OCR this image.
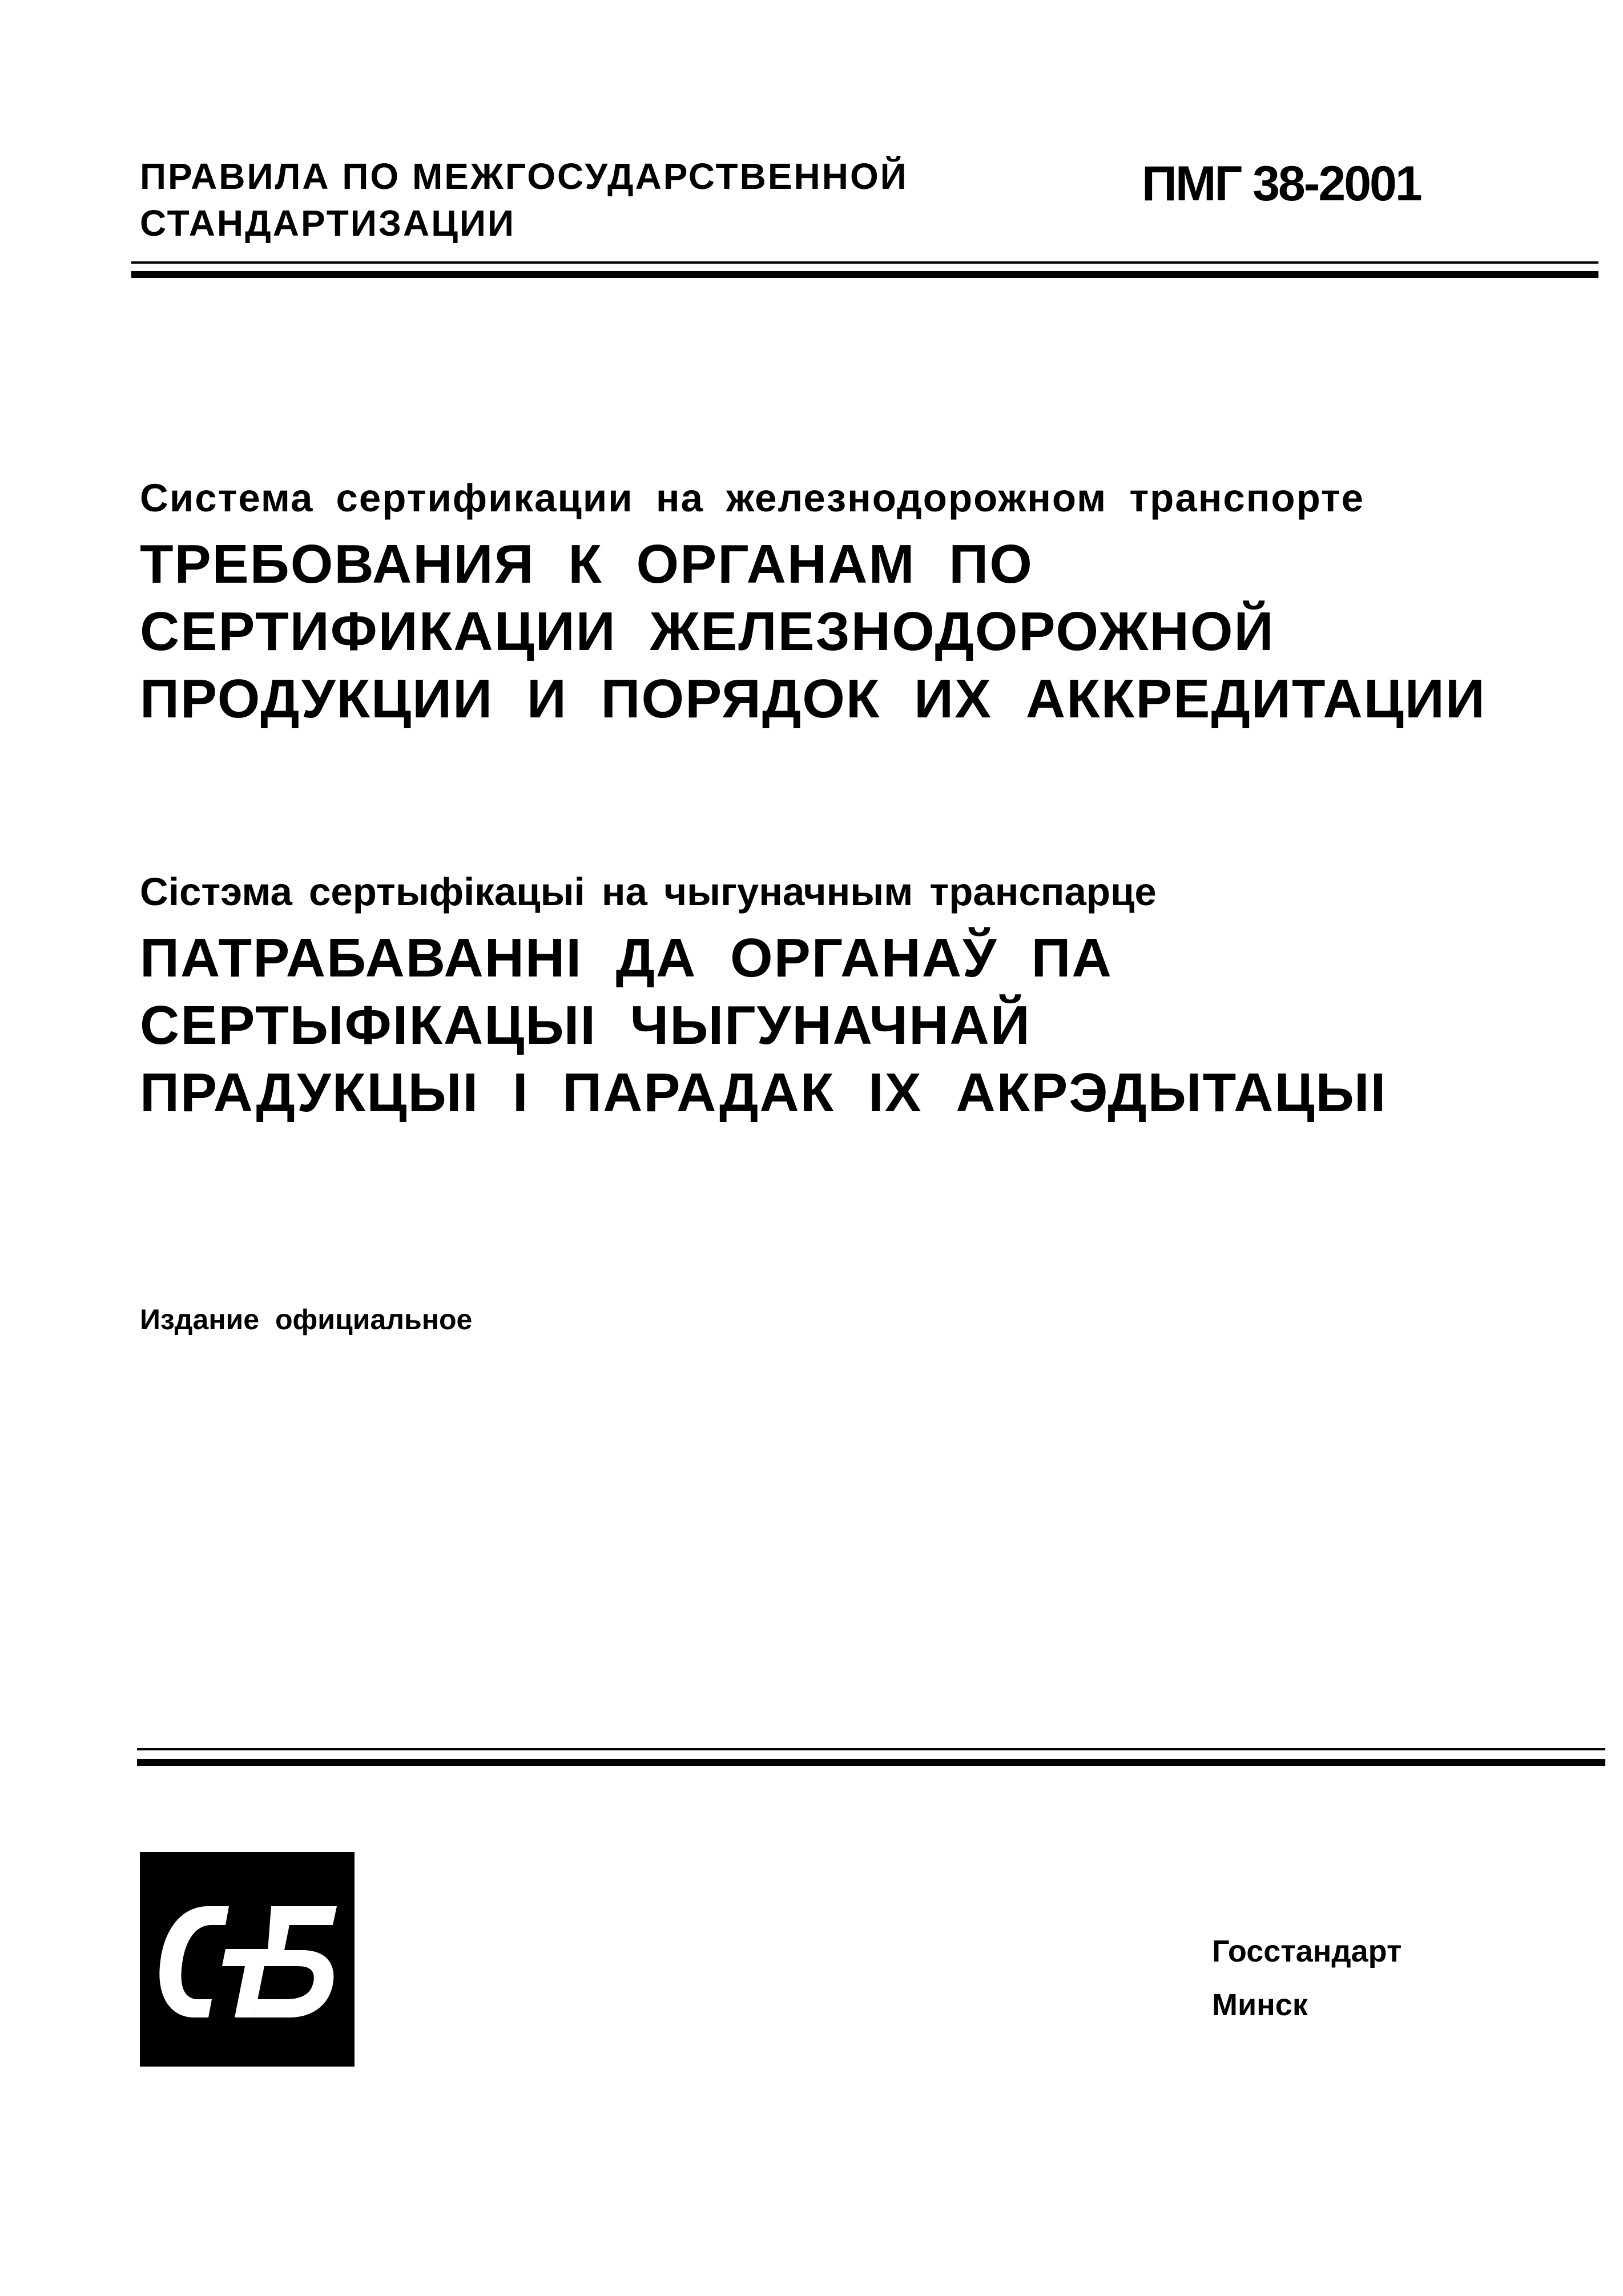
ПРАВИЛА ПО МЕЖГОСУДАРСТВЕННОЙ
СТАНДАРТИЗАЦИИ
ПМГ 38-2001
Система сертификации на железнодорожном транспорте
ТРЕБОВАНИЯ К ОРГАНАМ ПО
СЕРТИФИКАЦИИ ЖЕЛЕЗНОДОРОЖНОЙ
ПРОДУКЦИИ И ПОРЯДОК ИХ АККРЕДИТАЦИИ
Сістэма сертыфікацыі на чыгуначным транспарце
ПАТРАБАВАННІ ДА ОРГАНАЎ ПА
СЕРТЫФІКАЦЫІ ЧЫГУНАЧНАЙ
ПРАДУКЦЫІ І ПАРАДАК ІХ АКРЭДЫТАЦЫІ
Издание официальное
Госстандарт
Минск
